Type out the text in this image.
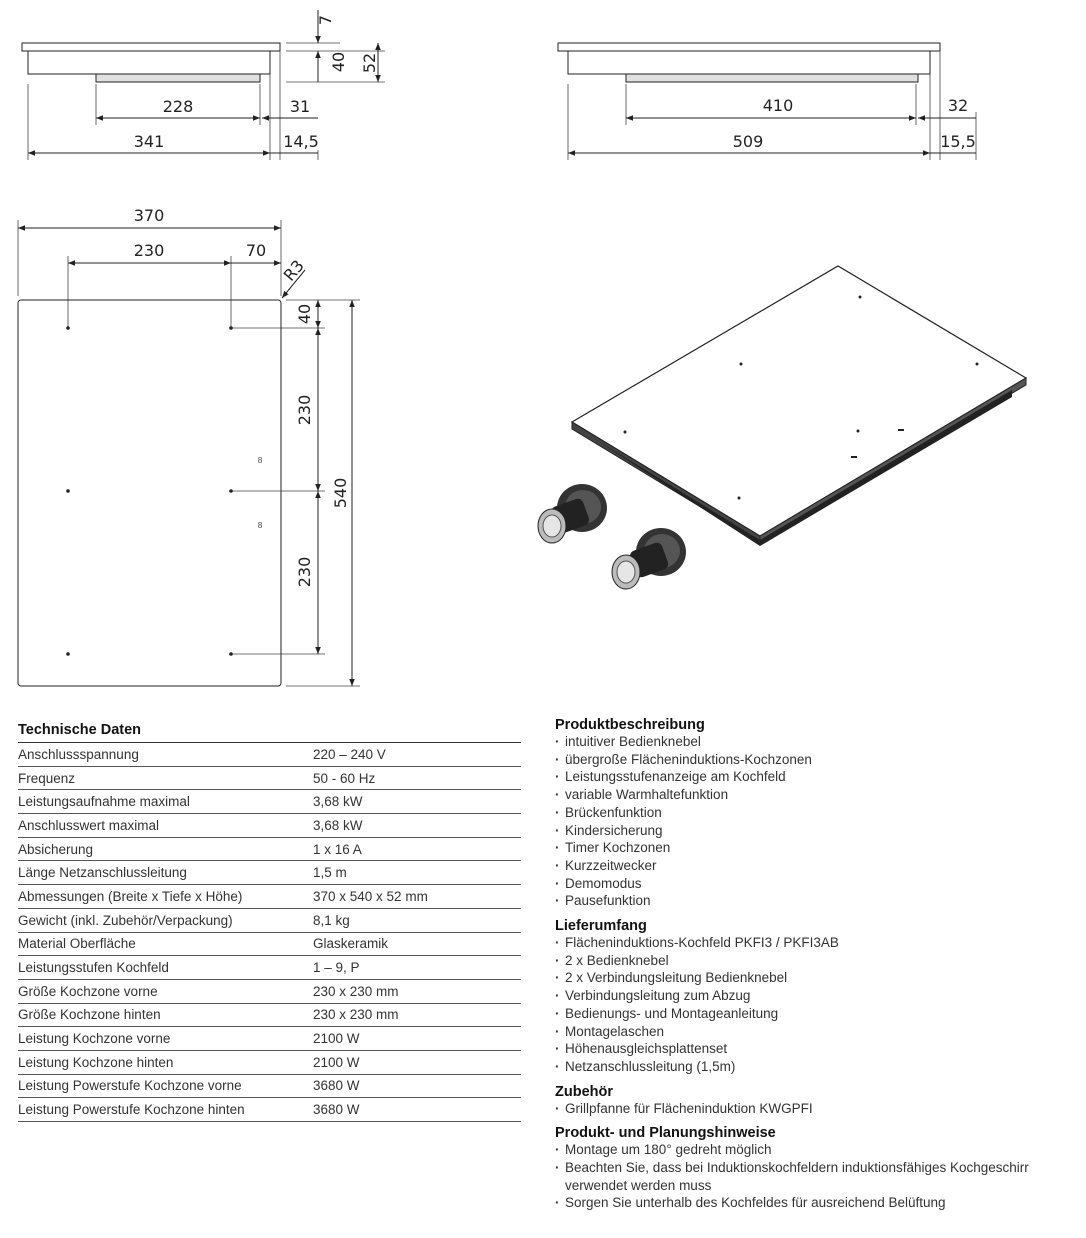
7
40 52
228	31
341	14,5
410	32
509	15,5
8
8
370
230	70
R3
40
230
230
540
Technische Daten
Anschlussspannung	220 – 240 V
Frequenz	50 - 60 Hz
Leistungsaufnahme maximal	3,68 kW
Anschlusswert maximal	3,68 kW
Absicherung	1 x 16 A
Länge Netzanschlussleitung	1,5 m
Abmessungen (Breite x Tiefe x Höhe)	370 x 540 x 52 mm
Gewicht (inkl. Zubehör/Verpackung)	8,1 kg
Material Oberfläche	Glaskeramik
Leistungsstufen Kochfeld	1 – 9, P
Größe Kochzone vorne	230 x 230 mm
Größe Kochzone hinten	230 x 230 mm
Leistung Kochzone vorne	2100 W
Leistung Kochzone hinten	2100 W
Leistung Powerstufe Kochzone vorne	3680 W
Leistung Powerstufe Kochzone hinten	3680 W
Produktbeschreibung
· intuitiver Bedienknebel
· übergroße Flächeninduktions-Kochzonen
· Leistungsstufenanzeige am Kochfeld
· variable Warmhaltefunktion
· Brückenfunktion
· Kindersicherung
· Timer Kochzonen
· Kurzzeitwecker
· Demomodus
· Pausefunktion
Lieferumfang
· Flächeninduktions-Kochfeld PKFI3 / PKFI3AB
· 2 x Bedienknebel
· 2 x Verbindungsleitung Bedienknebel
· Verbindungsleitung zum Abzug
· Bedienungs- und Montageanleitung
· Montagelaschen
· Höhenausgleichsplattenset
· Netzanschlussleitung (1,5m)
Zubehör
· Grillpfanne für Flächeninduktion KWGPFI
Produkt- und Planungshinweise
· Montage um 180° gedreht möglich
· Beachten Sie, dass bei Induktionskochfeldern induktionsfähiges Kochgeschirr verwendet werden muss
· Sorgen Sie unterhalb des Kochfeldes für ausreichend Belüftung
